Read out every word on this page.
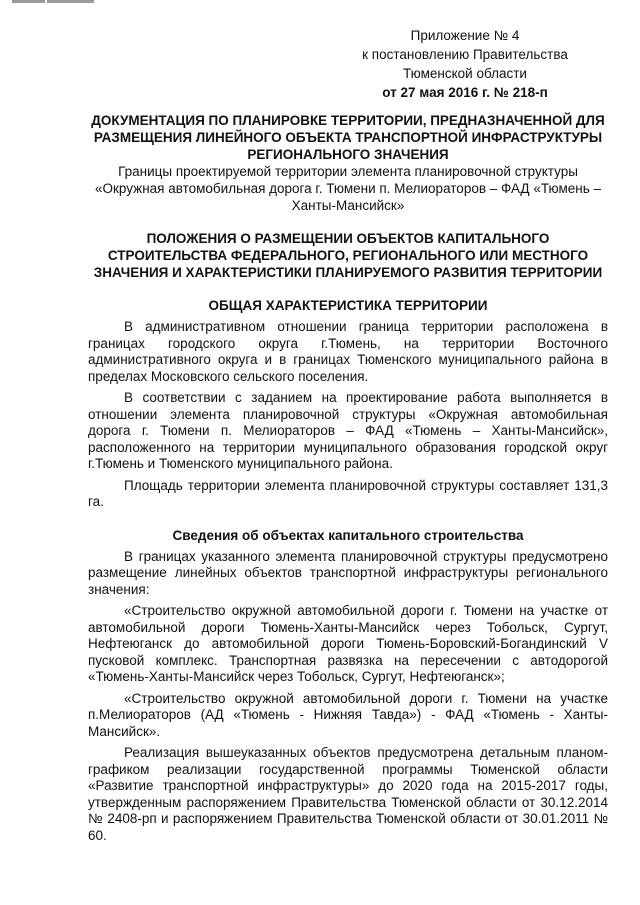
Приложение № 4
к постановлению Правительства
Тюменской области
от 27 мая 2016 г. № 218-п
ДОКУМЕНТАЦИЯ ПО ПЛАНИРОВКЕ ТЕРРИТОРИИ, ПРЕДНАЗНАЧЕННОЙ ДЛЯ РАЗМЕЩЕНИЯ ЛИНЕЙНОГО ОБЪЕКТА ТРАНСПОРТНОЙ ИНФРАСТРУКТУРЫ РЕГИОНАЛЬНОГО ЗНАЧЕНИЯ

Границы проектируемой территории элемента планировочной структуры «Окружная автомобильная дорога г. Тюмени п. Мелиораторов – ФАД «Тюмень – Ханты-Мансийск»

ПОЛОЖЕНИЯ О РАЗМЕЩЕНИИ ОБЪЕКТОВ КАПИТАЛЬНОГО СТРОИТЕЛЬСТВА ФЕДЕРАЛЬНОГО, РЕГИОНАЛЬНОГО ИЛИ МЕСТНОГО ЗНАЧЕНИЯ И ХАРАКТЕРИСТИКИ ПЛАНИРУЕМОГО РАЗВИТИЯ ТЕРРИТОРИИ
ОБЩАЯ ХАРАКТЕРИСТИКА ТЕРРИТОРИИ

В административном отношении граница территории расположена в границах городского округа г.Тюмень, на территории Восточного административного округа и в границах Тюменского муниципального района в пределах Московского сельского поселения.

В соответствии с заданием на проектирование работа выполняется в отношении элемента планировочной структуры «Окружная автомобильная дорога г. Тюмени п. Мелиораторов – ФАД «Тюмень – Ханты-Мансийск», расположенного на территории муниципального образования городской округ г.Тюмень и Тюменского муниципального района.

Площадь территории элемента планировочной структуры составляет 131,3 га.

Сведения об объектах капитального строительства

В границах указанного элемента планировочной структуры предусмотрено размещение линейных объектов транспортной инфраструктуры регионального значения:

«Строительство окружной автомобильной дороги г. Тюмени на участке от автомобильной дороги Тюмень-Ханты-Мансийск через Тобольск, Сургут, Нефтеюганск до автомобильной дороги Тюмень-Боровский-Богандинский V пусковой комплекс. Транспортная развязка на пересечении с автодорогой «Тюмень-Ханты-Мансийск через Тобольск, Сургут, Нефтеюганск»;

«Строительство окружной автомобильной дороги г. Тюмени на участке п.Мелиораторов (АД «Тюмень - Нижняя Тавда») - ФАД «Тюмень - Ханты-Мансийск».

Реализация вышеуказанных объектов предусмотрена детальным планом-графиком реализации государственной программы Тюменской области «Развитие транспортной инфраструктуры» до 2020 года на 2015-2017 годы, утвержденным распоряжением Правительства Тюменской области от 30.12.2014 № 2408-рп и распоряжением Правительства Тюменской области от 30.01.2011 № 60.
